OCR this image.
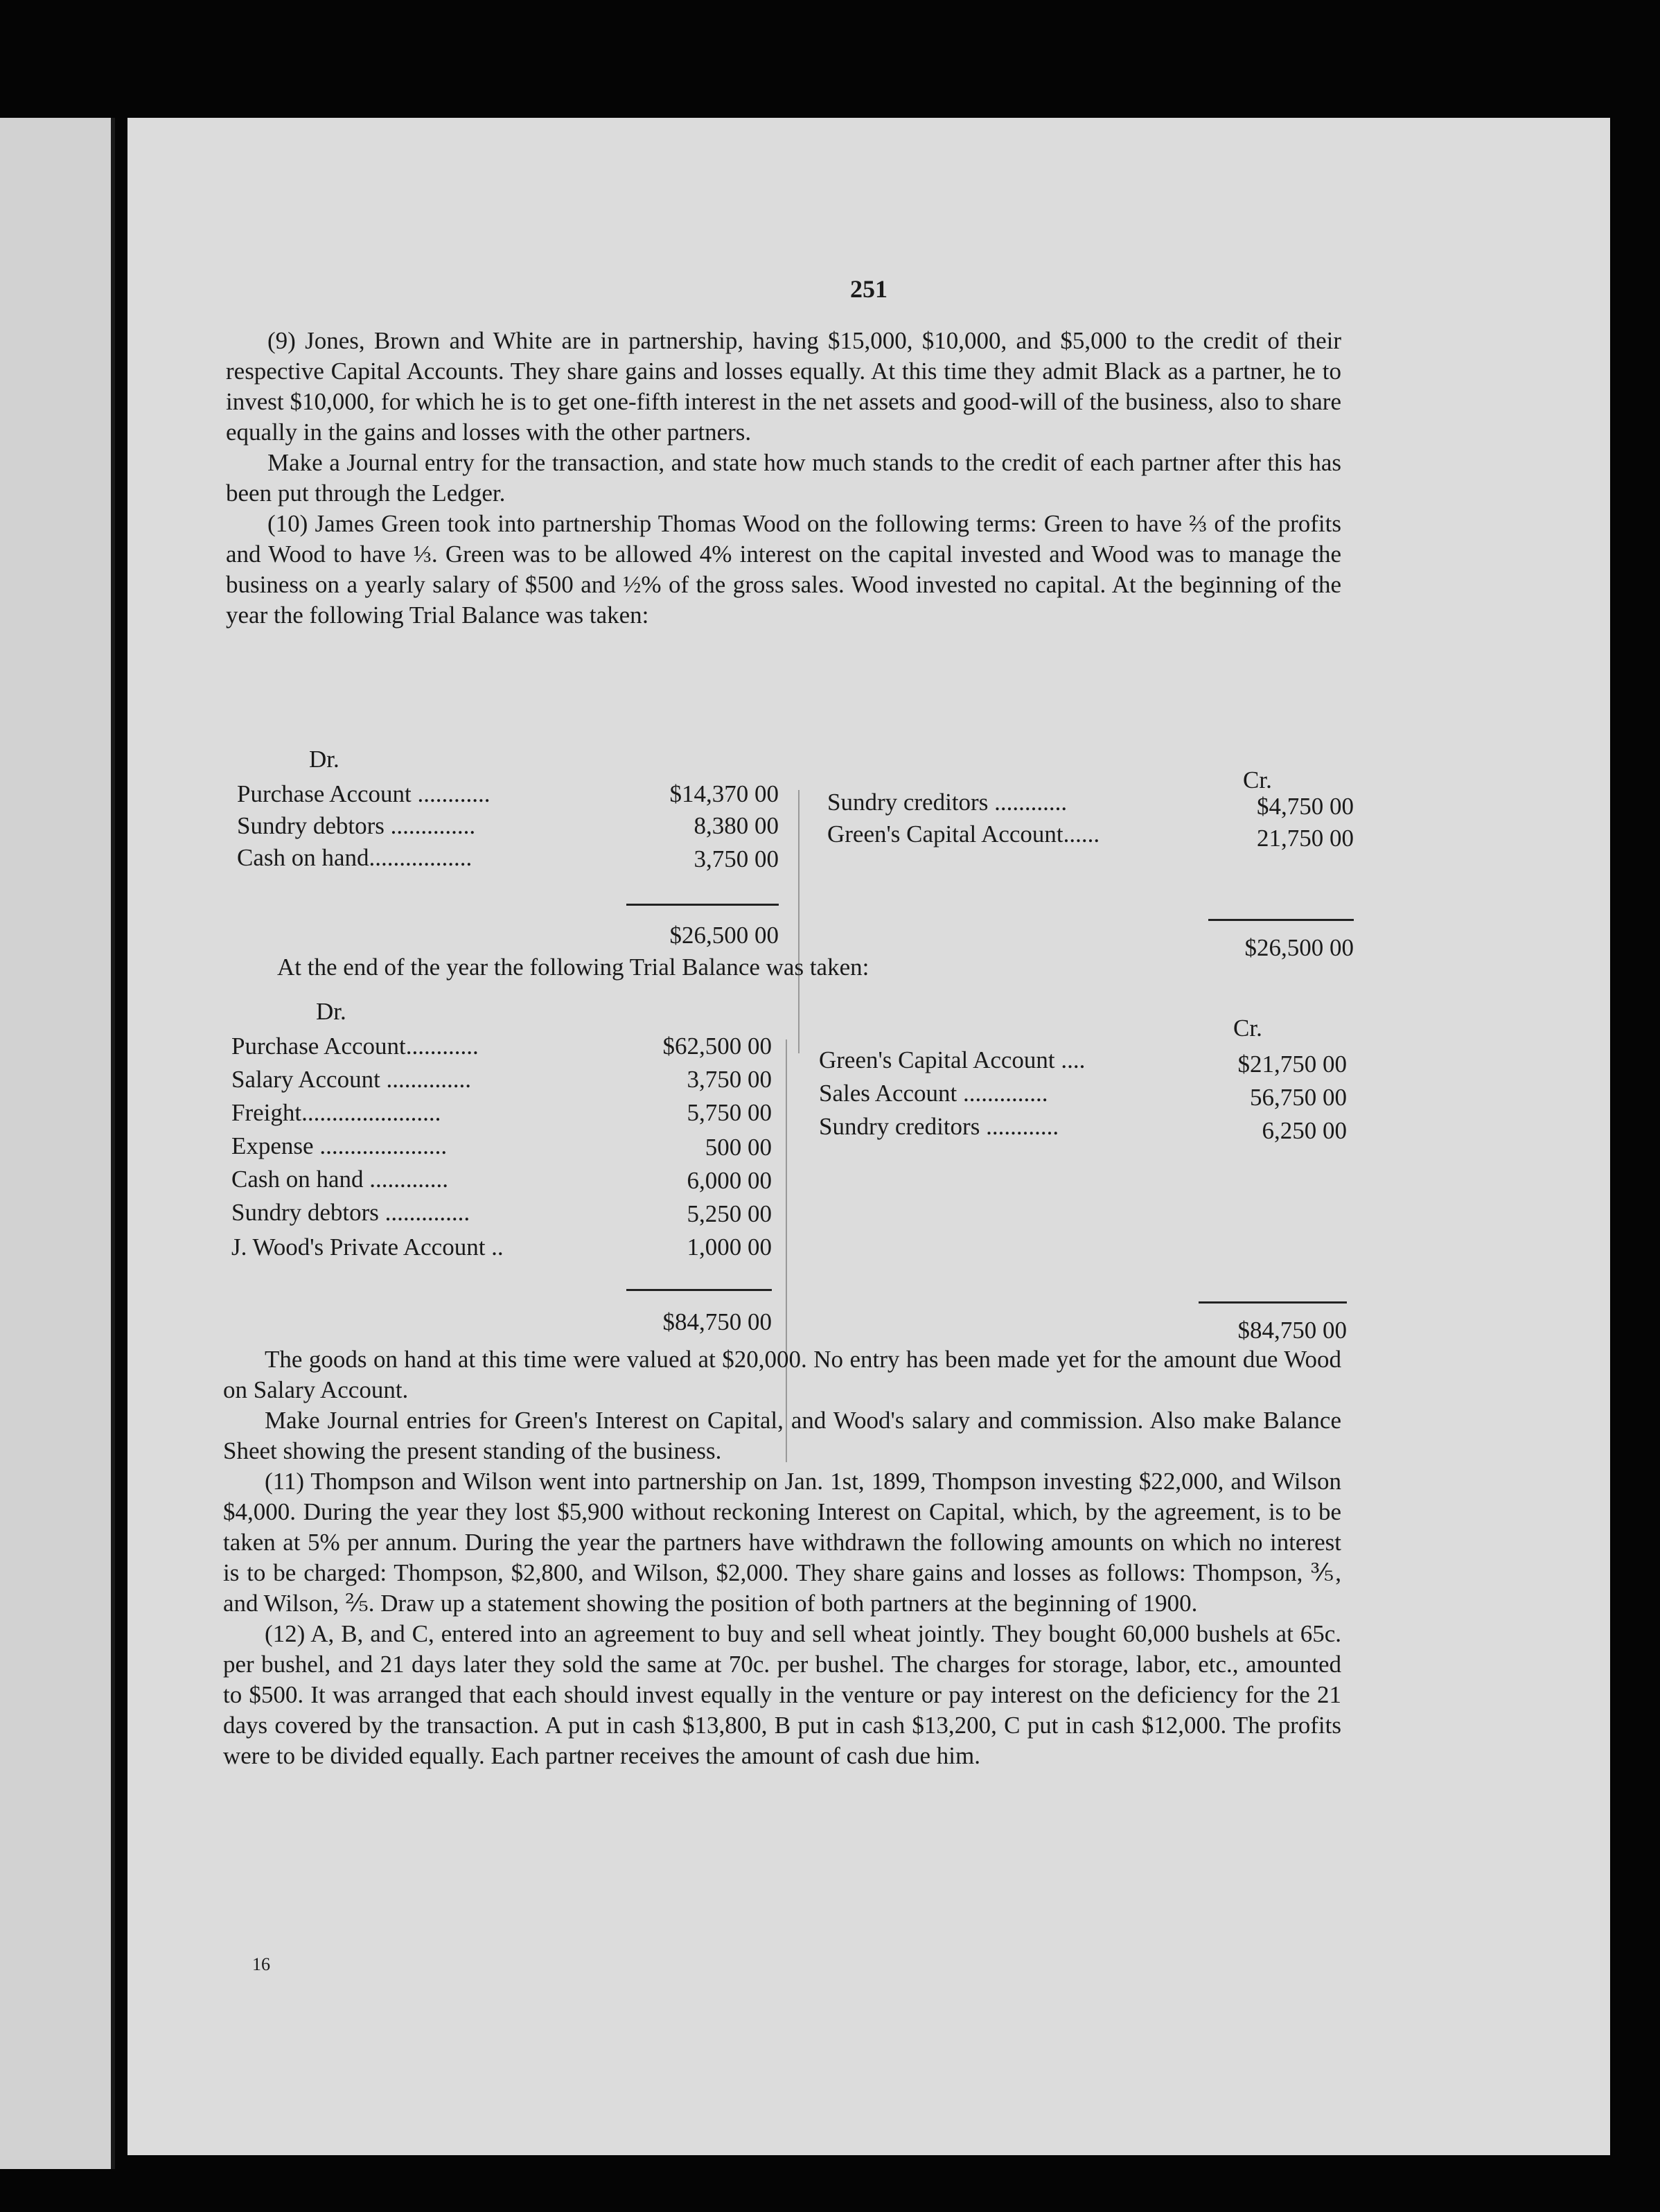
251

(9) Jones, Brown and White are in partnership, having $15,000, $10,000, and $5,000 to the credit of their respective Capital Accounts. They share gains and losses equally. At this time they admit Black as a partner, he to invest $10,000, for which he is to get one-fifth interest in the net assets and good-will of the business, also to share equally in the gains and losses with the other partners.

Make a Journal entry for the transaction, and state how much stands to the credit of each partner after this has been put through the Ledger.

(10) James Green took into partnership Thomas Wood on the following terms: Green to have ⅔ of the profits and Wood to have ⅓. Green was to be allowed 4% interest on the capital invested and Wood was to manage the business on a yearly salary of $500 and ½% of the gross sales. Wood invested no capital. At the beginning of the year the following Trial Balance was taken:

Dr.
Cr.
Purchase Account ............	$14,370 00
Sundry debtors ..............	8,380 00
Cash on hand.................	3,750 00
Sundry creditors ............	$4,750 00
Green's Capital Account......	21,750 00
$26,500 00	$26,500 00
At the end of the year the following Trial Balance was taken:
Dr.
Cr.
Purchase Account............	$62,500 00
Salary Account ..............	3,750 00
Freight.......................	5,750 00
Expense .....................	500 00
Cash on hand .............	6,000 00
Sundry debtors ..............	5,250 00
J. Wood's Private Account ..	1,000 00
Green's Capital Account ....	$21,750 00
Sales Account ..............	56,750 00
Sundry creditors ............	6,250 00
$84,750 00	$84,750 00

The goods on hand at this time were valued at $20,000. No entry has been made yet for the amount due Wood on Salary Account.

Make Journal entries for Green's Interest on Capital, and Wood's salary and commission. Also make Balance Sheet showing the present standing of the business.

(11) Thompson and Wilson went into partnership on Jan. 1st, 1899, Thompson investing $22,000, and Wilson $4,000. During the year they lost $5,900 without reckoning Interest on Capital, which, by the agreement, is to be taken at 5% per annum. During the year the partners have withdrawn the following amounts on which no interest is to be charged: Thompson, $2,800, and Wilson, $2,000. They share gains and losses as follows: Thompson, ⅗, and Wilson, ⅖. Draw up a statement showing the position of both partners at the beginning of 1900.

(12) A, B, and C, entered into an agreement to buy and sell wheat jointly. They bought 60,000 bushels at 65c. per bushel, and 21 days later they sold the same at 70c. per bushel. The charges for storage, labor, etc., amounted to $500. It was arranged that each should invest equally in the venture or pay interest on the deficiency for the 21 days covered by the transaction. A put in cash $13,800, B put in cash $13,200, C put in cash $12,000. The profits were to be divided equally. Each partner receives the amount of cash due him.

16
